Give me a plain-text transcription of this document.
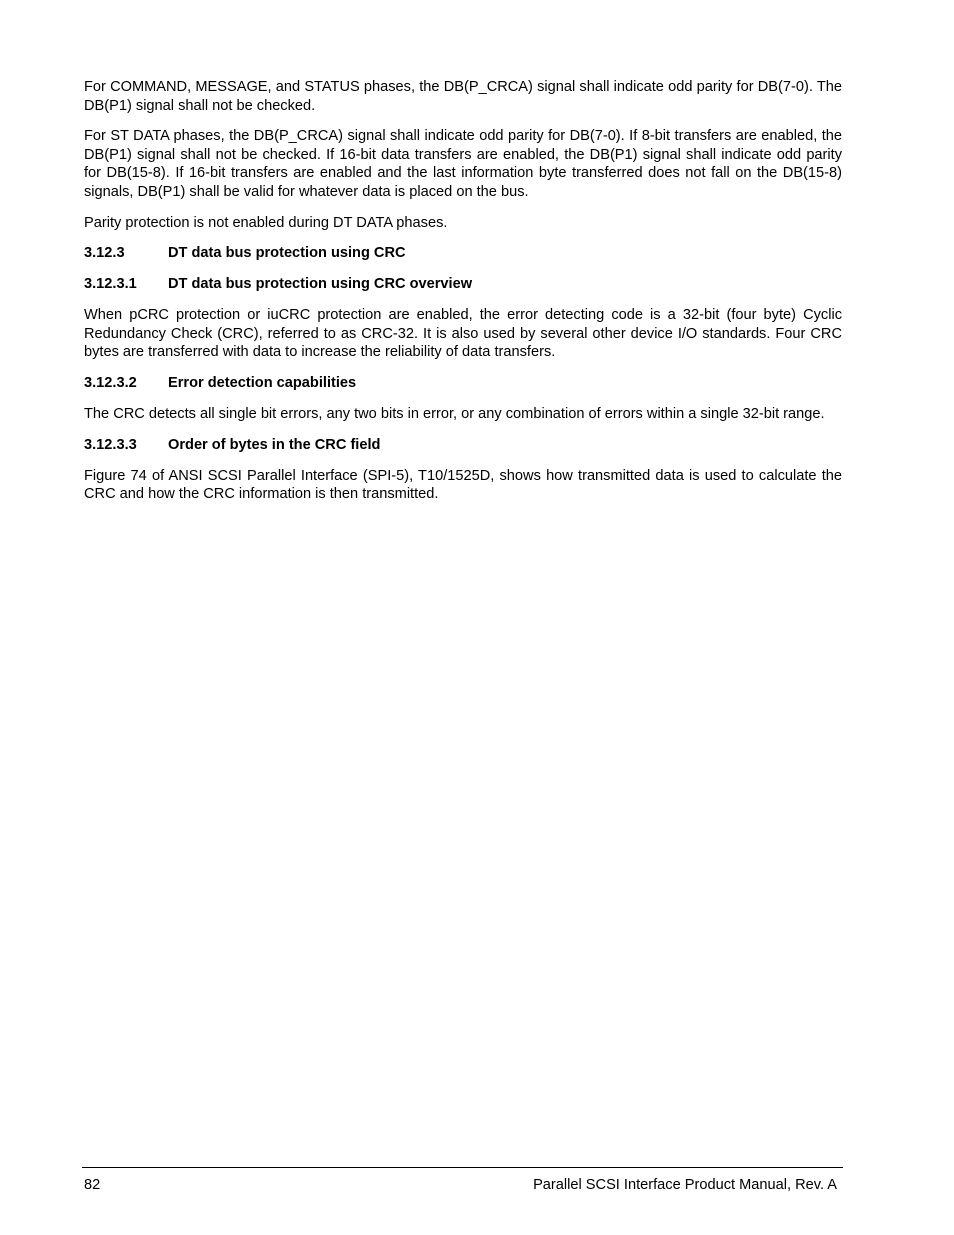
For COMMAND, MESSAGE, and STATUS phases, the DB(P_CRCA) signal shall indicate odd parity for DB(7-0). The DB(P1) signal shall not be checked.

For ST DATA phases, the DB(P_CRCA) signal shall indicate odd parity for DB(7-0). If 8-bit transfers are enabled, the DB(P1) signal shall not be checked. If 16-bit data transfers are enabled, the DB(P1) signal shall indicate odd parity for DB(15-8). If 16-bit transfers are enabled and the last information byte transferred does not fall on the DB(15-8) signals, DB(P1) shall be valid for whatever data is placed on the bus.

Parity protection is not enabled during DT DATA phases.

3.12.3	DT data bus protection using CRC
3.12.3.1	DT data bus protection using CRC overview

When pCRC protection or iuCRC protection are enabled, the error detecting code is a 32-bit (four byte) Cyclic Redundancy Check (CRC), referred to as CRC-32. It is also used by several other device I/O standards. Four CRC bytes are transferred with data to increase the reliability of data transfers.

3.12.3.2	Error detection capabilities

The CRC detects all single bit errors, any two bits in error, or any combination of errors within a single 32-bit range.

3.12.3.3	Order of bytes in the CRC field

Figure 74 of ANSI SCSI Parallel Interface (SPI-5), T10/1525D, shows how transmitted data is used to calculate the CRC and how the CRC information is then transmitted.

82	Parallel SCSI Interface Product Manual, Rev. A
